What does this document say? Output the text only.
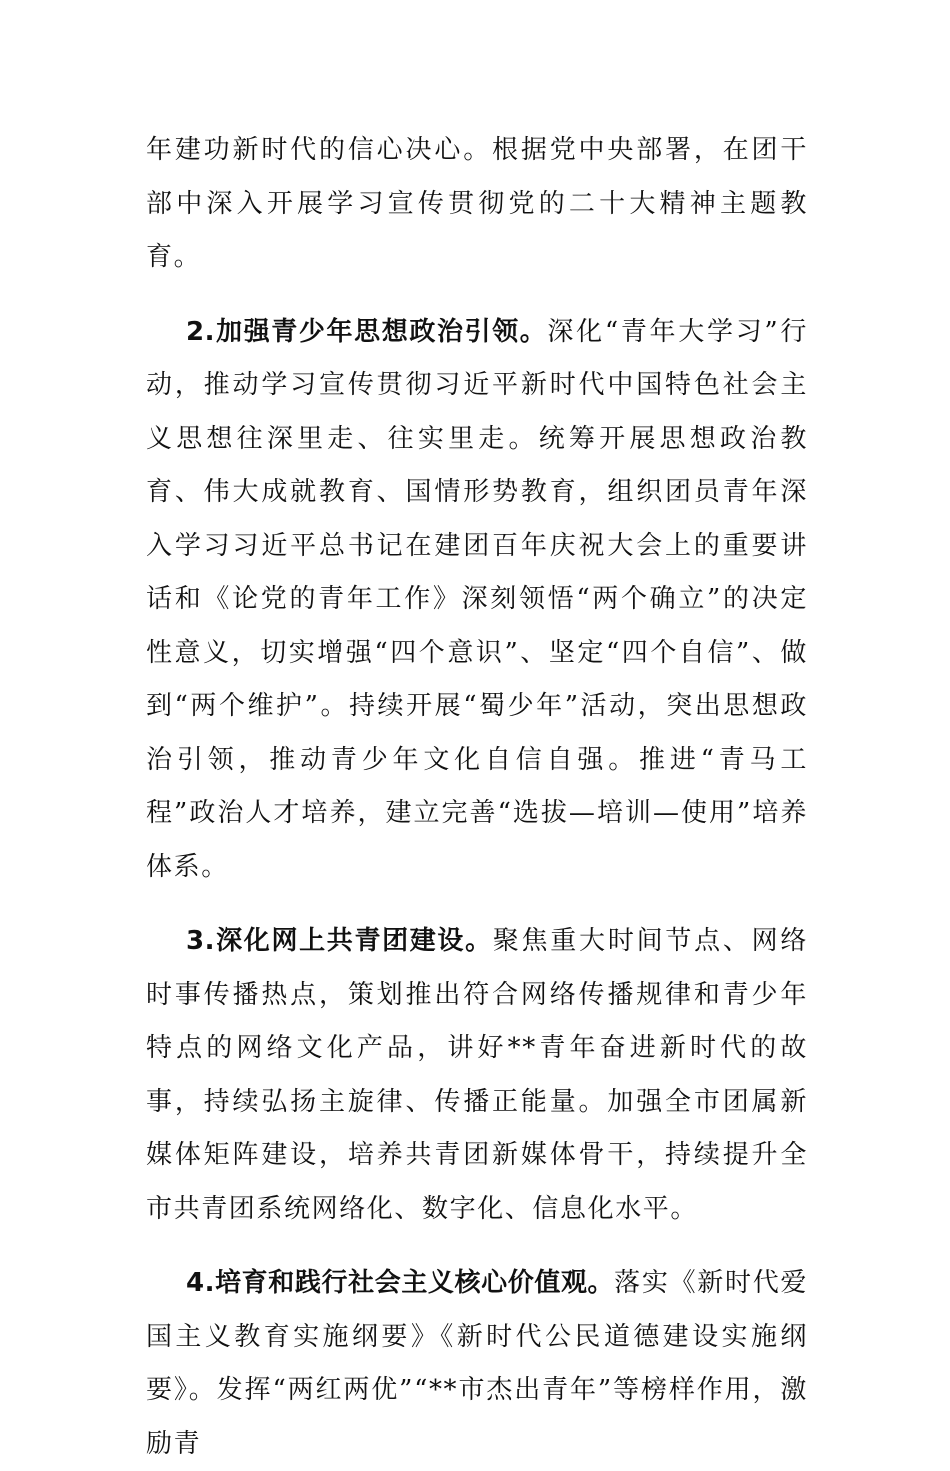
年建功新时代的信心决心。根据党中央部署，在团干部中深入开展学习宣传贯彻党的二十大精神主题教育。

2.加强青少年思想政治引领。深化“青年大学习”行动，推动学习宣传贯彻习近平新时代中国特色社会主义思想往深里走、往实里走。统筹开展思想政治教育、伟大成就教育、国情形势教育，组织团员青年深入学习习近平总书记在建团百年庆祝大会上的重要讲话和《论党的青年工作》深刻领悟“两个确立”的决定性意义，切实增强“四个意识”、坚定“四个自信”、做到“两个维护”。持续开展“蜀少年”活动，突出思想政治引领，推动青少年文化自信自强。推进“青马工程”政治人才培养，建立完善“选拔—培训—使用”培养体系。

3.深化网上共青团建设。聚焦重大时间节点、网络时事传播热点，策划推出符合网络传播规律和青少年特点的网络文化产品，讲好**青年奋进新时代的故事，持续弘扬主旋律、传播正能量。加强全市团属新媒体矩阵建设，培养共青团新媒体骨干，持续提升全市共青团系统网络化、数字化、信息化水平。

4.培育和践行社会主义核心价值观。落实《新时代爱国主义教育实施纲要》《新时代公民道德建设实施纲要》。发挥“两红两优”“**市杰出青年”等榜样作用，激励青
